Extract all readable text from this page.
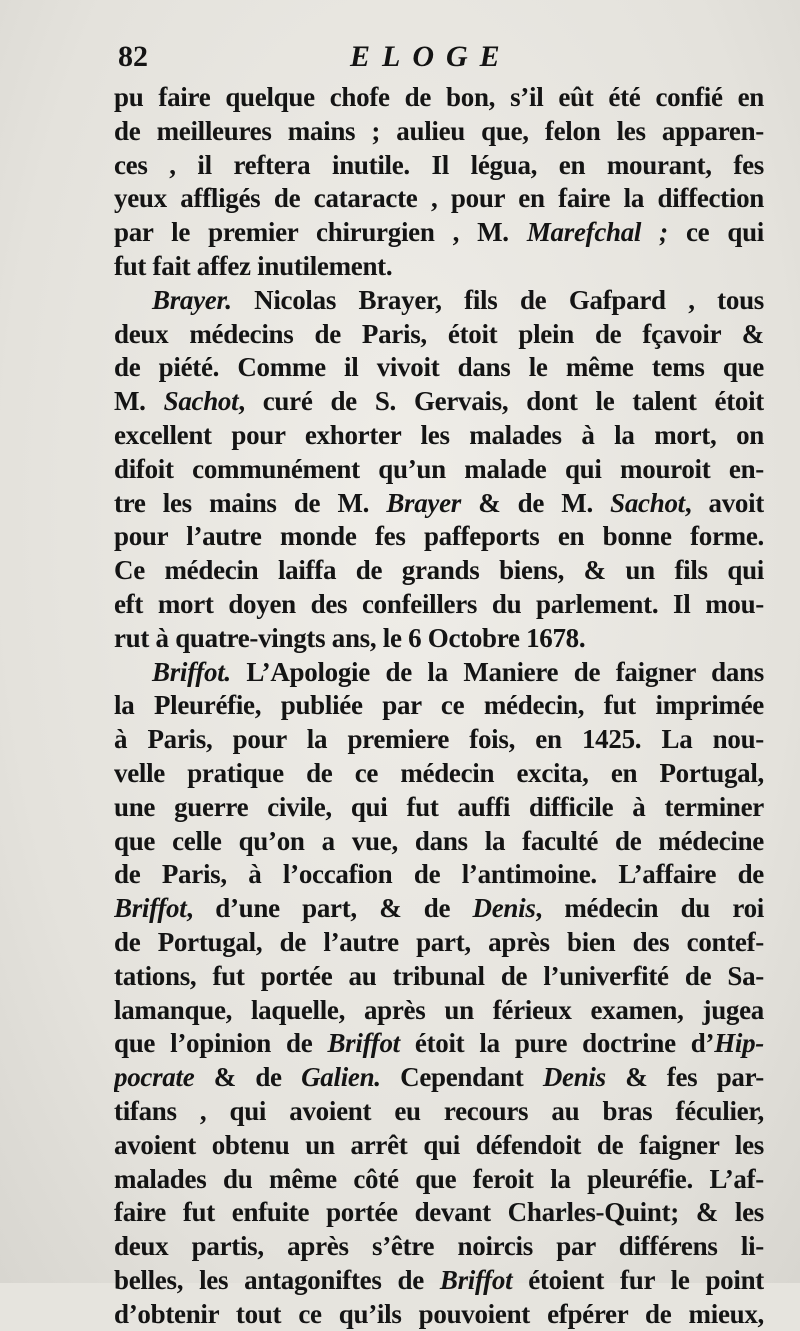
82	ELOGE
pu faire quelque chofe de bon, s’il eût été confié en
de meilleures mains ; aulieu que, felon les apparen-
ces , il reftera inutile. Il légua, en mourant, fes
yeux affligés de cataracte , pour en faire la diffection
par le premier chirurgien , M. Marefchal ; ce qui
fut fait affez inutilement.
Brayer. Nicolas Brayer, fils de Gafpard , tous
deux médecins de Paris, étoit plein de fçavoir &
de piété. Comme il vivoit dans le même tems que
M. Sachot, curé de S. Gervais, dont le talent étoit
excellent pour exhorter les malades à la mort, on
difoit communément qu’un malade qui mouroit en-
tre les mains de M. Brayer & de M. Sachot, avoit
pour l’autre monde fes paffeports en bonne forme.
Ce médecin laiffa de grands biens, & un fils qui
eft mort doyen des confeillers du parlement. Il mou-
rut à quatre-vingts ans, le 6 Octobre 1678.
Briffot. L’Apologie de la Maniere de faigner dans
la Pleuréfie, publiée par ce médecin, fut imprimée
à Paris, pour la premiere fois, en 1425. La nou-
velle pratique de ce médecin excita, en Portugal,
une guerre civile, qui fut auffi difficile à terminer
que celle qu’on a vue, dans la faculté de médecine
de Paris, à l’occafion de l’antimoine. L’affaire de
Briffot, d’une part, & de Denis, médecin du roi
de Portugal, de l’autre part, après bien des contef-
tations, fut portée au tribunal de l’univerfité de Sa-
lamanque, laquelle, après un férieux examen, jugea
que l’opinion de Briffot étoit la pure doctrine d’Hip-
pocrate & de Galien. Cependant Denis & fes par-
tifans , qui avoient eu recours au bras féculier,
avoient obtenu un arrêt qui défendoit de faigner les
malades du même côté que feroit la pleuréfie. L’af-
faire fut enfuite portée devant Charles-Quint; & les
deux partis, après s’être noircis par différens li-
belles, les antagoniftes de Briffot étoient fur le point
d’obtenir tout ce qu’ils pouvoient efpérer de mieux,
